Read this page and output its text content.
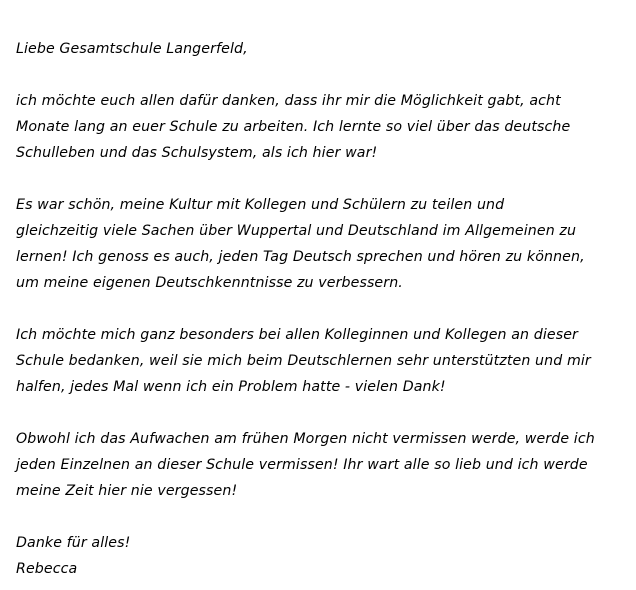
Liebe Gesamtschule Langerfeld,

ich möchte euch allen dafür danken, dass ihr mir die Möglichkeit gabt, acht

Monate lang an euer Schule zu arbeiten. Ich lernte so viel über das deutsche

Schulleben und das Schulsystem, als ich hier war!

Es war schön, meine Kultur mit Kollegen und Schülern zu teilen und

gleichzeitig viele Sachen über Wuppertal und Deutschland im Allgemeinen zu

lernen! Ich genoss es auch, jeden Tag Deutsch sprechen und hören zu können,

um meine eigenen Deutschkenntnisse zu verbessern.

Ich möchte mich ganz besonders bei allen Kolleginnen und Kollegen an dieser

Schule bedanken, weil sie mich beim Deutschlernen sehr unterstützten und mir

halfen, jedes Mal wenn ich ein Problem hatte - vielen Dank!

Obwohl ich das Aufwachen am frühen Morgen nicht vermissen werde, werde ich

jeden Einzelnen an dieser Schule vermissen! Ihr wart alle so lieb und ich werde

meine Zeit hier nie vergessen!

Danke für alles!

Rebecca
